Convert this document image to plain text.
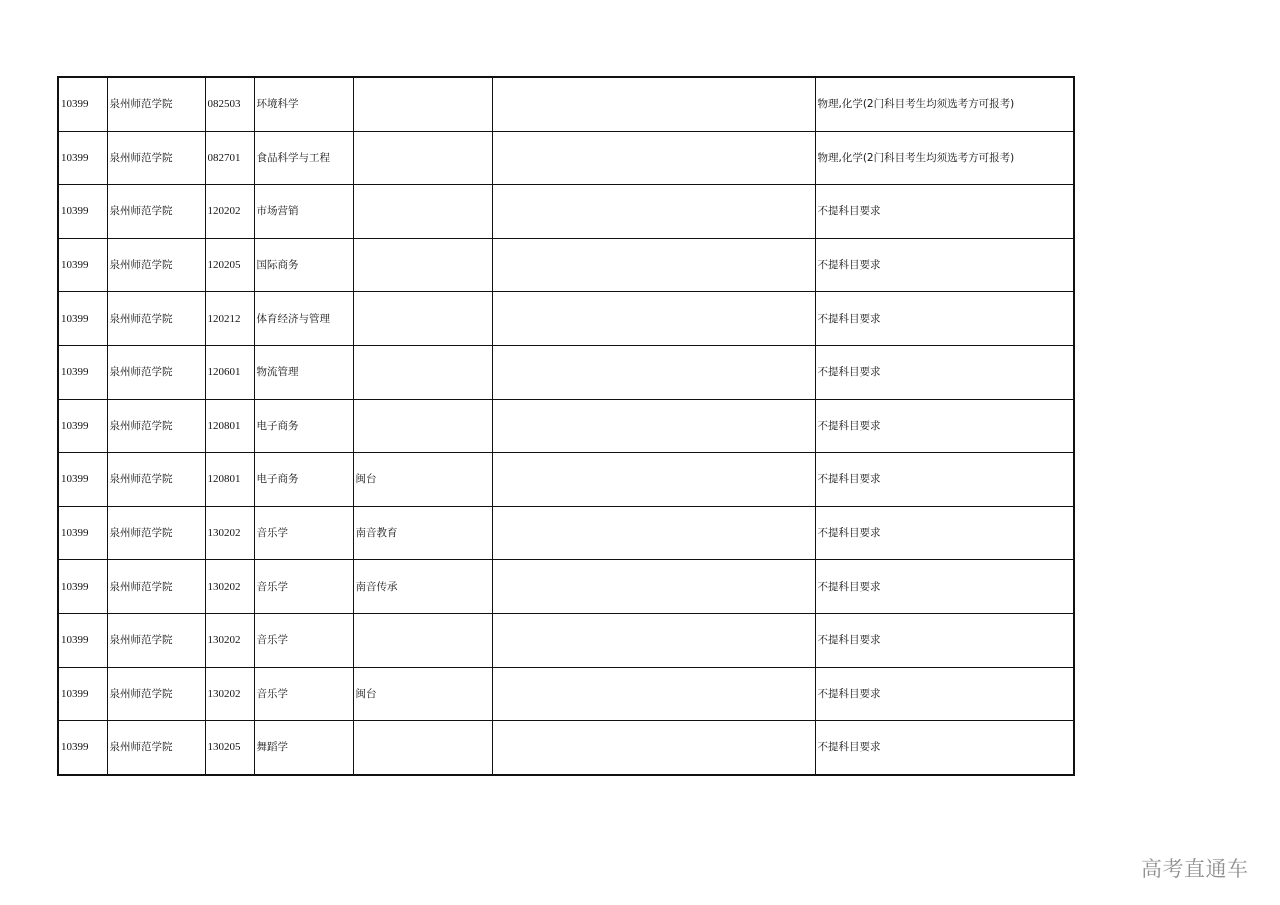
10399	泉州师范学院	082503	环境科学			物理,化学(2门科目考生均须选考方可报考)
10399	泉州师范学院	082701	食品科学与工程			物理,化学(2门科目考生均须选考方可报考)
10399	泉州师范学院	120202	市场营销			不提科目要求
10399	泉州师范学院	120205	国际商务			不提科目要求
10399	泉州师范学院	120212	体育经济与管理			不提科目要求
10399	泉州师范学院	120601	物流管理			不提科目要求
10399	泉州师范学院	120801	电子商务			不提科目要求
10399	泉州师范学院	120801	电子商务	闽台		不提科目要求
10399	泉州师范学院	130202	音乐学	南音教育		不提科目要求
10399	泉州师范学院	130202	音乐学	南音传承		不提科目要求
10399	泉州师范学院	130202	音乐学			不提科目要求
10399	泉州师范学院	130202	音乐学	闽台		不提科目要求
10399	泉州师范学院	130205	舞蹈学			不提科目要求
高考直通车
